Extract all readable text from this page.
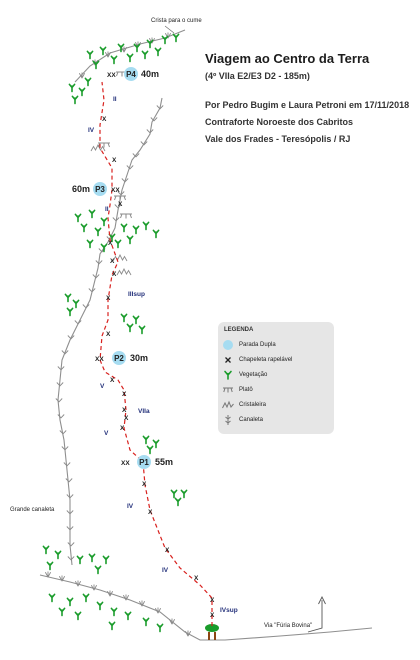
Crista para o cume
Grande canaleta
Via "Fúria Bovina"
X
X
X
X
X
X
X
X
X
X
X
X
X
X
X
X
X
X
X
XX P4 40m
60m P3 XX
XX P2 30m
XX P1 55m
II
IV
II
IIIsup
V
VIIa
V
IV
IV
IVsup
Viagem ao Centro da Terra
(4º VIIa E2/E3 D2 - 185m)
Por Pedro Bugim e Laura Petroni em 17/11/2018
Contraforte Noroeste dos Cabritos
Vale dos Frades - Teresópolis / RJ
LEGENDA
Parada Dupla
Chapeleta rapelável
Vegetação
Platô
Cristaleira
Canaleta
